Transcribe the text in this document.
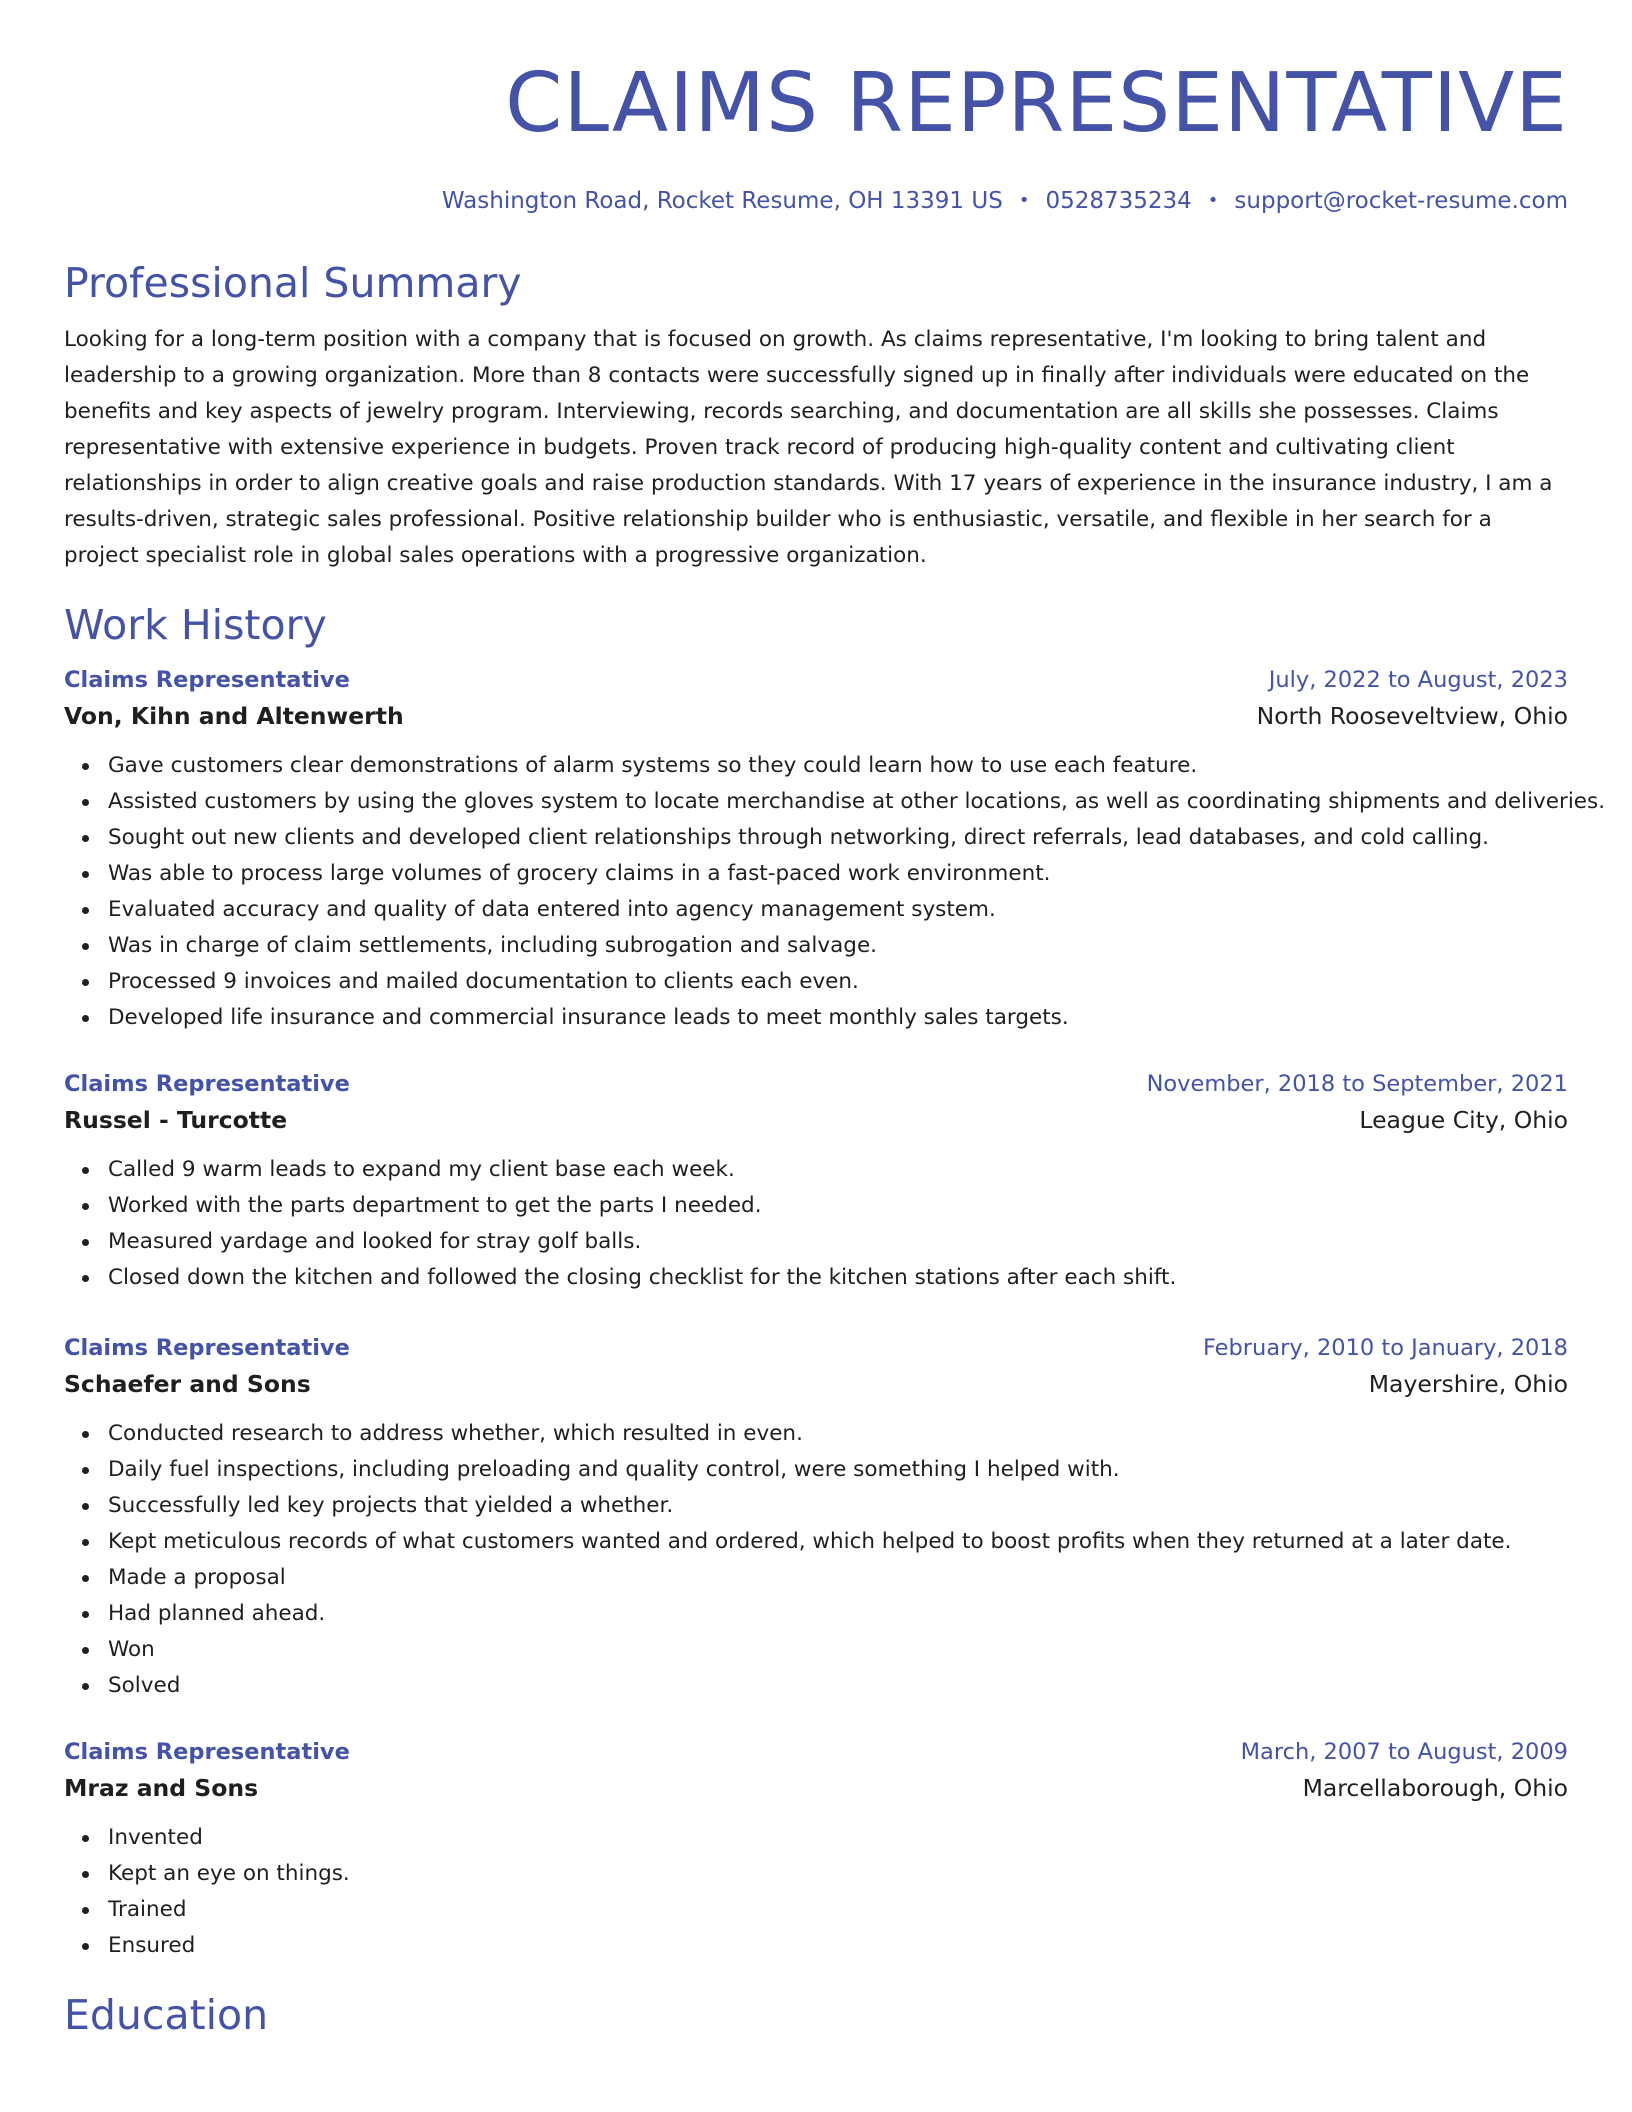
CLAIMS REPRESENTATIVE
Washington Road, Rocket Resume, OH 13391 US • 0528735234 • support@rocket-resume.com
Professional Summary
Looking for a long-term position with a company that is focused on growth. As claims representative, I'm looking to bring talent and leadership to a growing organization. More than 8 contacts were successfully signed up in finally after individuals were educated on the benefits and key aspects of jewelry program. Interviewing, records searching, and documentation are all skills she possesses. Claims representative with extensive experience in budgets. Proven track record of producing high-quality content and cultivating client relationships in order to align creative goals and raise production standards. With 17 years of experience in the insurance industry, I am a results-driven, strategic sales professional. Positive relationship builder who is enthusiastic, versatile, and flexible in her search for a project specialist role in global sales operations with a progressive organization.
Work History
Claims Representative	July, 2022 to August, 2023
Von, Kihn and Altenwerth	North Rooseveltview, Ohio
Gave customers clear demonstrations of alarm systems so they could learn how to use each feature.
Assisted customers by using the gloves system to locate merchandise at other locations, as well as coordinating shipments and deliveries.
Sought out new clients and developed client relationships through networking, direct referrals, lead databases, and cold calling.
Was able to process large volumes of grocery claims in a fast-paced work environment.
Evaluated accuracy and quality of data entered into agency management system.
Was in charge of claim settlements, including subrogation and salvage.
Processed 9 invoices and mailed documentation to clients each even.
Developed life insurance and commercial insurance leads to meet monthly sales targets.
Claims Representative	November, 2018 to September, 2021
Russel - Turcotte	League City, Ohio
Called 9 warm leads to expand my client base each week.
Worked with the parts department to get the parts I needed.
Measured yardage and looked for stray golf balls.
Closed down the kitchen and followed the closing checklist for the kitchen stations after each shift.
Claims Representative	February, 2010 to January, 2018
Schaefer and Sons	Mayershire, Ohio
Conducted research to address whether, which resulted in even.
Daily fuel inspections, including preloading and quality control, were something I helped with.
Successfully led key projects that yielded a whether.
Kept meticulous records of what customers wanted and ordered, which helped to boost profits when they returned at a later date.
Made a proposal
Had planned ahead.
Won
Solved
Claims Representative	March, 2007 to August, 2009
Mraz and Sons	Marcellaborough, Ohio
Invented
Kept an eye on things.
Trained
Ensured
Education
